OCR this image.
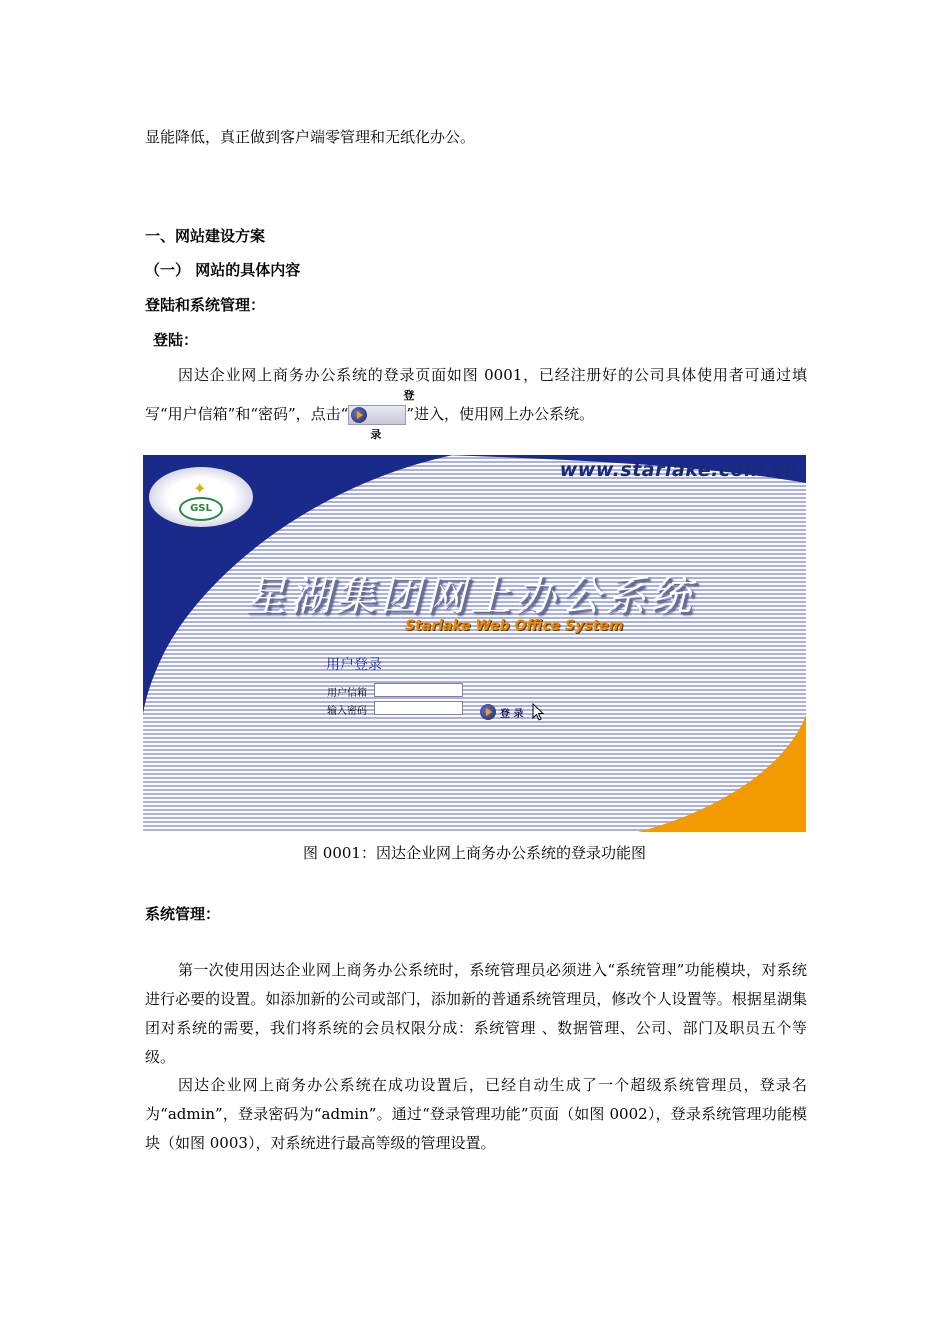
显能降低，真正做到客户端零管理和无纸化办公。

一、网站建设方案

（一） 网站的具体内容

登陆和系统管理：

登陆：

因达企业网上商务办公系统的登录页面如图 0001，已经注册好的公司具体使用者可通过填写“用户信箱”和“密码”，点击“
登 录
”进入，使用网上办公系统。

www.starlake.com.cn
✦
GSL
星湖集团网上办公系统
Starlake Web Office System
用户登录
用户信箱
输入密码	登 录
图 0001：因达企业网上商务办公系统的登录功能图

系统管理：

第一次使用因达企业网上商务办公系统时，系统管理员必须进入“系统管理”功能模块，对系统进行必要的设置。如添加新的公司或部门，添加新的普通系统管理员，修改个人设置等。根据星湖集团对系统的需要，我们将系统的会员权限分成：系统管理 、数据管理、公司、部门及职员五个等级。

因达企业网上商务办公系统在成功设置后，已经自动生成了一个超级系统管理员，登录名为“admin”，登录密码为“admin”。通过“登录管理功能”页面（如图 0002），登录系统管理功能模块（如图 0003），对系统进行最高等级的管理设置。
